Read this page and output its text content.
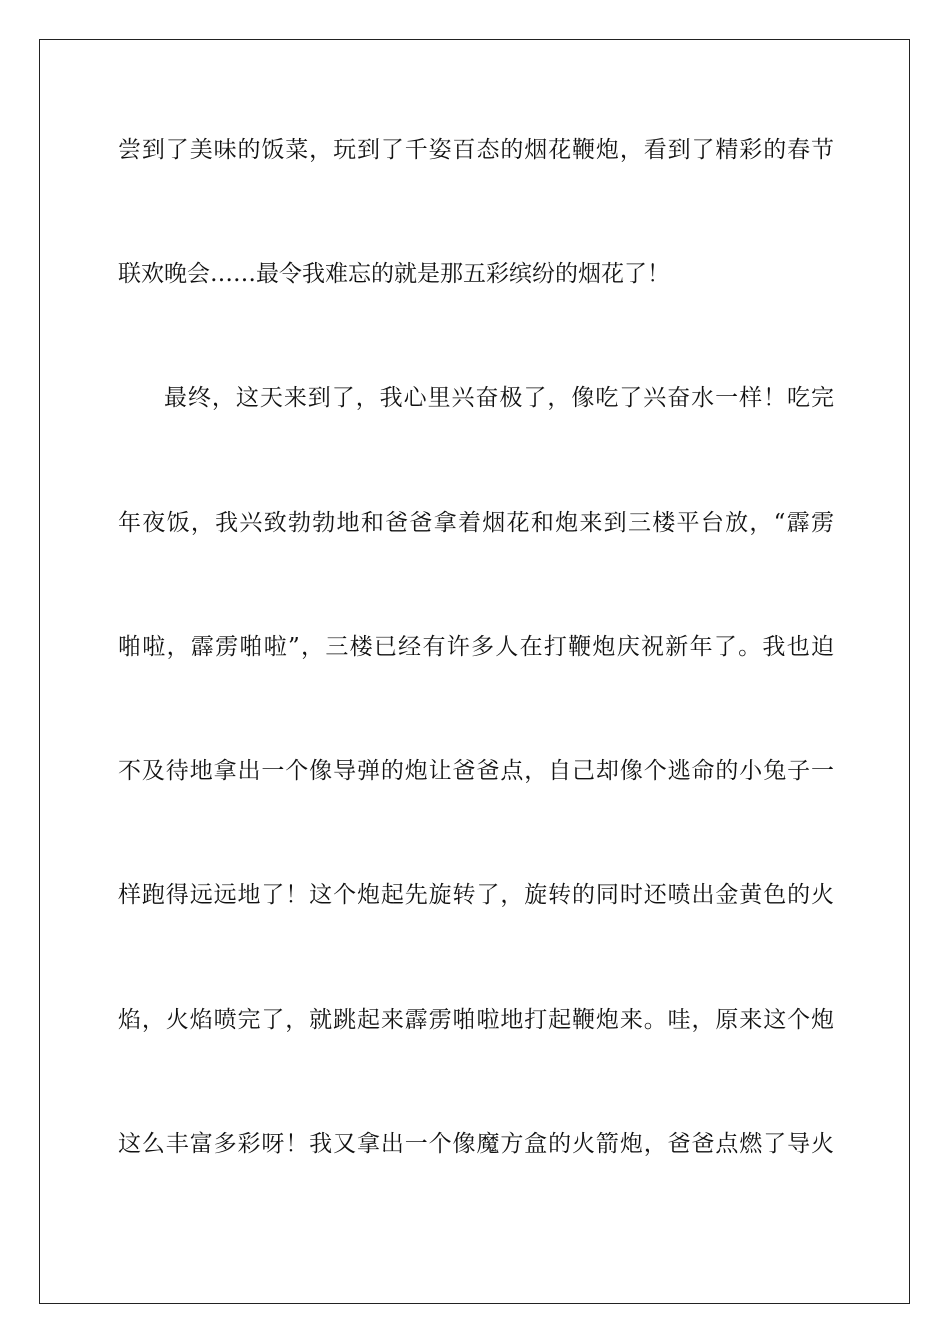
尝到了美味的饭菜，玩到了千姿百态的烟花鞭炮，看到了精彩的春节
联欢晚会……最令我难忘的就是那五彩缤纷的烟花了！
最终，这天来到了，我心里兴奋极了，像吃了兴奋水一样！吃完
年夜饭，我兴致勃勃地和爸爸拿着烟花和炮来到三楼平台放，“霹雳
啪啦，霹雳啪啦”，三楼已经有许多人在打鞭炮庆祝新年了。我也迫
不及待地拿出一个像导弹的炮让爸爸点，自己却像个逃命的小兔子一
样跑得远远地了！这个炮起先旋转了，旋转的同时还喷出金黄色的火
焰，火焰喷完了，就跳起来霹雳啪啦地打起鞭炮来。哇，原来这个炮
这么丰富多彩呀！我又拿出一个像魔方盒的火箭炮，爸爸点燃了导火
